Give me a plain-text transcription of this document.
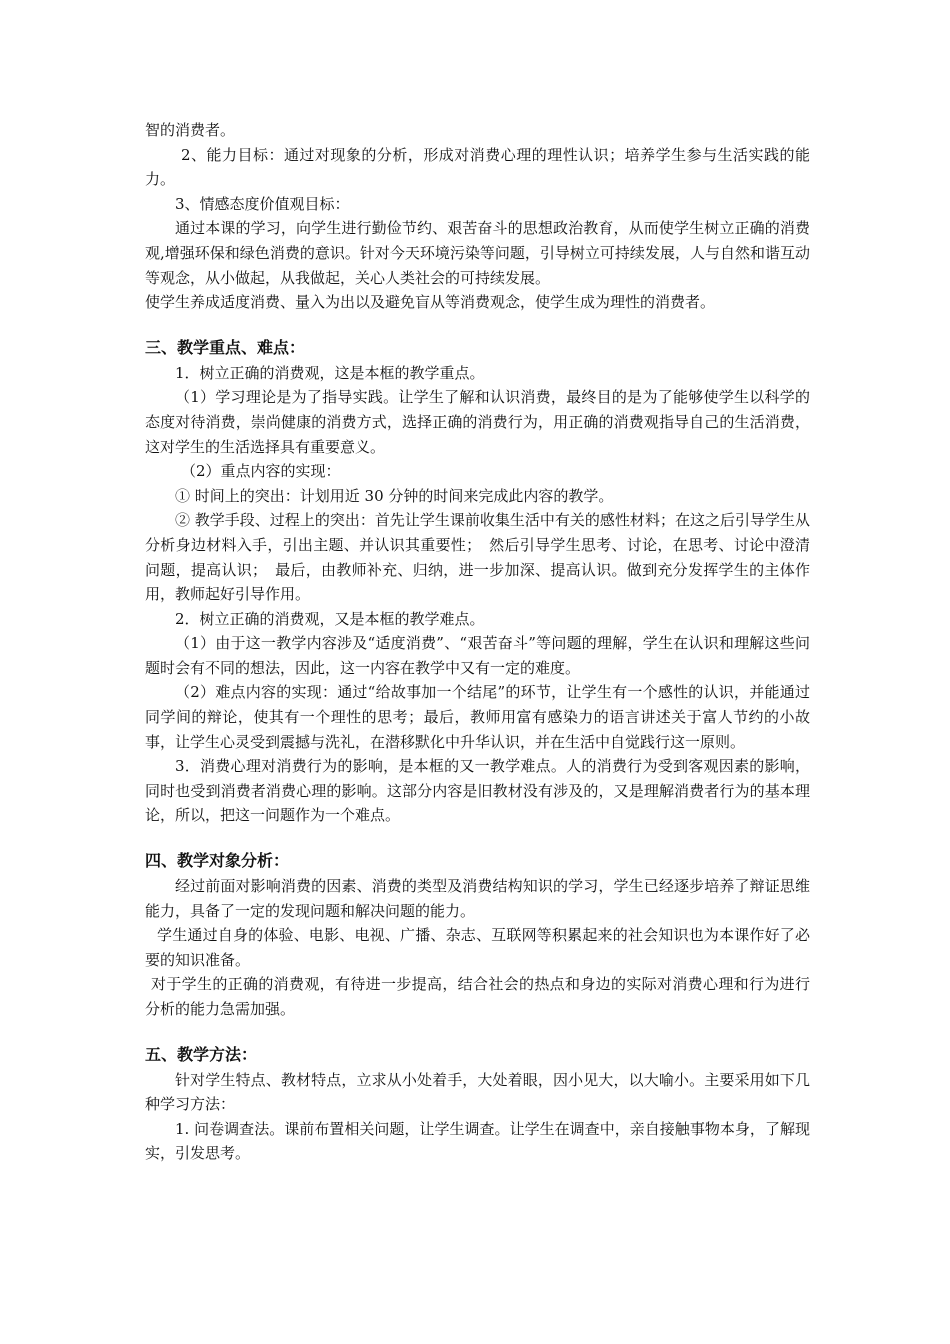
智的消费者。

2、能力目标：通过对现象的分析，形成对消费心理的理性认识；培养学生参与生活实践的能力。

3、情感态度价值观目标：

通过本课的学习，向学生进行勤俭节约、艰苦奋斗的思想政治教育，从而使学生树立正确的消费观,增强环保和绿色消费的意识。针对今天环境污染等问题，引导树立可持续发展，人与自然和谐互动等观念，从小做起，从我做起，关心人类社会的可持续发展。

使学生养成适度消费、量入为出以及避免盲从等消费观念，使学生成为理性的消费者。

三、教学重点、难点：

1．树立正确的消费观，这是本框的教学重点。

（1）学习理论是为了指导实践。让学生了解和认识消费，最终目的是为了能够使学生以科学的态度对待消费，崇尚健康的消费方式，选择正确的消费行为，用正确的消费观指导自己的生活消费，这对学生的生活选择具有重要意义。

（2）重点内容的实现：

① 时间上的突出：计划用近 30 分钟的时间来完成此内容的教学。

② 教学手段、过程上的突出：首先让学生课前收集生活中有关的感性材料；在这之后引导学生从分析身边材料入手，引出主题、并认识其重要性；　然后引导学生思考、讨论，在思考、讨论中澄清问题，提高认识；　最后，由教师补充、归纳，进一步加深、提高认识。做到充分发挥学生的主体作用，教师起好引导作用。

2．树立正确的消费观，又是本框的教学难点。

（1）由于这一教学内容涉及“适度消费”、“艰苦奋斗”等问题的理解，学生在认识和理解这些问题时会有不同的想法，因此，这一内容在教学中又有一定的难度。

（2）难点内容的实现：通过“给故事加一个结尾”的环节，让学生有一个感性的认识，并能通过同学间的辩论，使其有一个理性的思考；最后，教师用富有感染力的语言讲述关于富人节约的小故事，让学生心灵受到震撼与洗礼，在潜移默化中升华认识，并在生活中自觉践行这一原则。

3．消费心理对消费行为的影响，是本框的又一教学难点。人的消费行为受到客观因素的影响，同时也受到消费者消费心理的影响。这部分内容是旧教材没有涉及的，又是理解消费者行为的基本理论，所以，把这一问题作为一个难点。

四、教学对象分析：

经过前面对影响消费的因素、消费的类型及消费结构知识的学习，学生已经逐步培养了辩证思维能力，具备了一定的发现问题和解决问题的能力。

学生通过自身的体验、电影、电视、广播、杂志、互联网等积累起来的社会知识也为本课作好了必要的知识准备。

对于学生的正确的消费观，有待进一步提高，结合社会的热点和身边的实际对消费心理和行为进行分析的能力急需加强。

五、教学方法：

针对学生特点、教材特点，立求从小处着手，大处着眼，因小见大，以大喻小。主要采用如下几种学习方法：

1. 问卷调查法。课前布置相关问题，让学生调查。让学生在调查中，亲自接触事物本身，了解现实，引发思考。
